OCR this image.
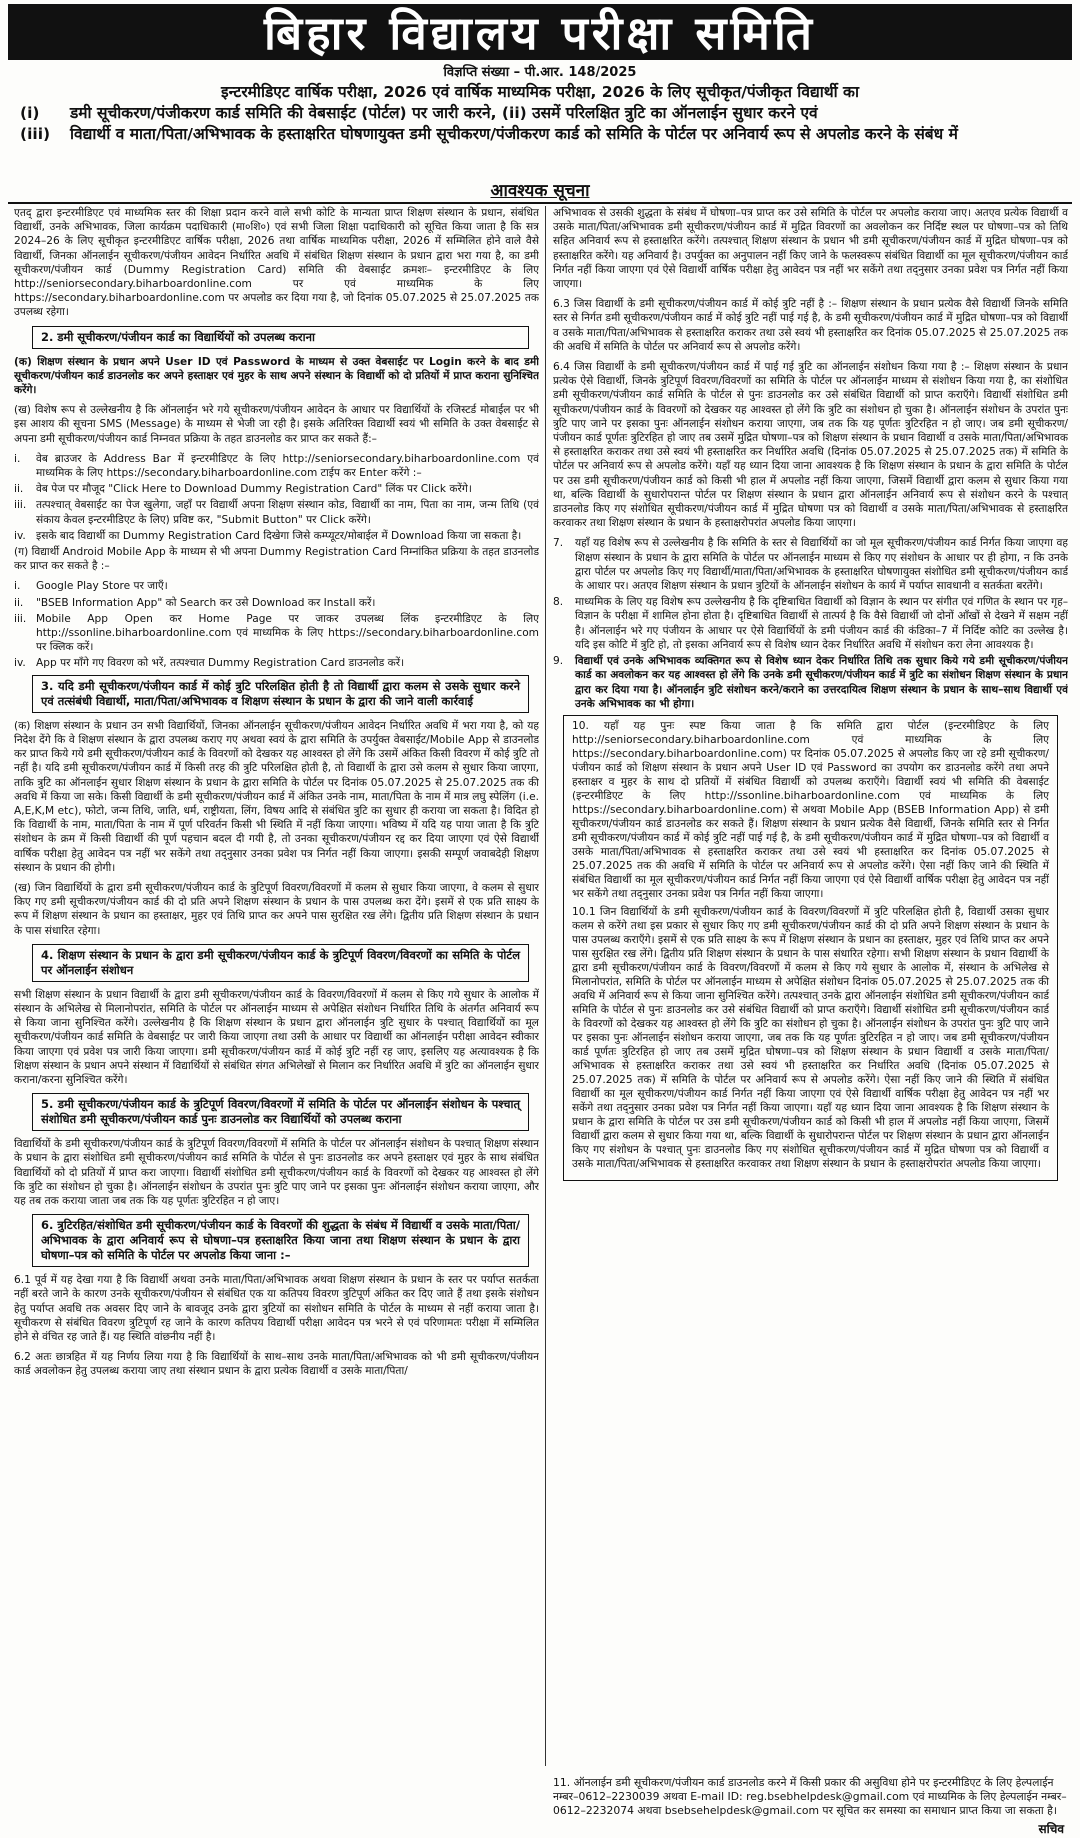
बिहार विद्यालय परीक्षा समिति
विज्ञप्ति संख्या – पी.आर. 148/2025
इन्टरमीडिएट वार्षिक परीक्षा, 2026 एवं वार्षिक माध्यमिक परीक्षा, 2026 के लिए सूचीकृत/पंजीकृत विद्यार्थी का
(i)	डमी सूचीकरण/पंजीकरण कार्ड समिति की वेबसाईट (पोर्टल) पर जारी करने, (ii) उसमें परिलक्षित त्रुटि का ऑनलाईन सुधार करने एवं
(iii)	विद्यार्थी व माता/पिता/अभिभावक के हस्ताक्षरित घोषणायुक्त डमी सूचीकरण/पंजीकरण कार्ड को समिति के पोर्टल पर अनिवार्य रूप से अपलोड करने के संबंध में
आवश्यक सूचना

एतद् द्वारा इन्टरमीडिएट एवं माध्यमिक स्तर की शिक्षा प्रदान करने वाले सभी कोटि के मान्यता प्राप्त शिक्षण संस्थान के प्रधान, संबंधित विद्यार्थी, उनके अभिभावक, जिला कार्यक्रम पदाधिकारी (मा०शि०) एवं सभी जिला शिक्षा पदाधिकारी को सूचित किया जाता है कि सत्र 2024–26 के लिए सूचीकृत इन्टरमीडिएट वार्षिक परीक्षा, 2026 तथा वार्षिक माध्यमिक परीक्षा, 2026 में सम्मिलित होने वाले वैसे विद्यार्थी, जिनका ऑनलाईन सूचीकरण/पंजीयन आवेदन निर्धारित अवधि में संबंधित शिक्षण संस्थान के प्रधान द्वारा भरा गया है, का डमी सूचीकरण/पंजीयन कार्ड (Dummy Registration Card) समिति की वेबसाईट क्रमशः– इन्टरमीडिएट के लिए http://seniorsecondary.biharboardonline.com पर एवं माध्यमिक के लिए https://secondary.biharboardonline.com पर अपलोड कर दिया गया है, जो दिनांक 05.07.2025 से 25.07.2025 तक उपलब्ध रहेगा।

2. डमी सूचीकरण/पंजीयन कार्ड का विद्यार्थियों को उपलब्ध कराना

(क) शिक्षण संस्थान के प्रधान अपने User ID एवं Password के माध्यम से उक्त वेबसाईट पर Login करने के बाद डमी सूचीकरण/पंजीयन कार्ड डाउनलोड कर अपने हस्ताक्षर एवं मुहर के साथ अपने संस्थान के विद्यार्थी को दो प्रतियों में प्राप्त कराना सुनिश्चित करेंगे।

(ख) विशेष रूप से उल्लेखनीय है कि ऑनलाईन भरे गये सूचीकरण/पंजीयन आवेदन के आधार पर विद्यार्थियों के रजिस्टर्ड मोबाईल पर भी इस आशय की सूचना SMS (Message) के माध्यम से भेजी जा रही है। इसके अतिरिक्त विद्यार्थी स्वयं भी समिति के उक्त वेबसाईट से अपना डमी सूचीकरण/पंजीयन कार्ड निम्नवत प्रक्रिया के तहत डाउनलोड कर प्राप्त कर सकते हैं:–

i.	वेब ब्राउजर के Address Bar में इन्टरमीडिएट के लिए http://seniorsecondary.biharboardonline.com एवं माध्यमिक के लिए https://secondary.biharboardonline.com टाईप कर Enter करेंगे :–
ii.	वेब पेज पर मौजूद "Click Here to Download Dummy Registration Card" लिंक पर Click करेंगे।
iii. तत्पश्चात् वेबसाईट का पेज खुलेगा, जहाँ पर विद्यार्थी अपना शिक्षण संस्थान कोड, विद्यार्थी का नाम, पिता का नाम, जन्म तिथि (एवं संकाय केवल इन्टरमीडिएट के लिए) प्रविष्ट कर, "Submit Button" पर Click करेंगे।
iv. इसके बाद विद्यार्थी का Dummy Registration Card दिखेगा जिसे कम्प्यूटर/मोबाईल में Download किया जा सकता है।

(ग) विद्यार्थी Android Mobile App के माध्यम से भी अपना Dummy Registration Card निम्नांकित प्रक्रिया के तहत डाउनलोड कर प्राप्त कर सकते है :–

i.	Google Play Store पर जाएँ।
ii.	"BSEB Information App" को Search कर उसे Download कर Install करें।
iii. Mobile App Open कर Home Page पर जाकर उपलब्ध लिंक इन्टरमीडिएट के लिए http://ssonline.biharboardonline.com एवं माध्यमिक के लिए https://secondary.biharboardonline.com पर क्लिक करें।
iv. App पर माँगे गए विवरण को भरें, तत्पश्चात Dummy Registration Card डाउनलोड करें।
3. यदि डमी सूचीकरण/पंजीयन कार्ड में कोई त्रुटि परिलक्षित होती है तो विद्यार्थी द्वारा कलम से उसके सुधार करने एवं तत्संबंधी विद्यार्थी, माता/पिता/अभिभावक व शिक्षण संस्थान के प्रधान के द्वारा की जाने वाली कार्रवाई

(क) शिक्षण संस्थान के प्रधान उन सभी विद्यार्थियों, जिनका ऑनलाईन सूचीकरण/पंजीयन आवेदन निर्धारित अवधि में भरा गया है, को यह निदेश देंगे कि वे शिक्षण संस्थान के द्वारा उपलब्ध कराए गए अथवा स्वयं के द्वारा समिति के उपर्युक्त वेबसाईट/Mobile App से डाउनलोड कर प्राप्त किये गये डमी सूचीकरण/पंजीयन कार्ड के विवरणों को देखकर यह आश्वस्त हो लेंगे कि उसमें अंकित किसी विवरण में कोई त्रुटि तो नहीं है। यदि डमी सूचीकरण/पंजीयन कार्ड में किसी तरह की त्रुटि परिलक्षित होती है, तो विद्यार्थी के द्वारा उसे कलम से सुधार किया जाएगा, ताकि त्रुटि का ऑनलाईन सुधार शिक्षण संस्थान के प्रधान के द्वारा समिति के पोर्टल पर दिनांक 05.07.2025 से 25.07.2025 तक की अवधि में किया जा सके। किसी विद्यार्थी के डमी सूचीकरण/पंजीयन कार्ड में अंकित उनके नाम, माता/पिता के नाम में मात्र लघु स्पेलिंग (i.e. A,E,K,M etc), फोटो, जन्म तिथि, जाति, धर्म, राष्ट्रीयता, लिंग, विषय आदि से संबंधित त्रुटि का सुधार ही कराया जा सकता है। विदित हो कि विद्यार्थी के नाम, माता/पिता के नाम में पूर्ण परिवर्तन किसी भी स्थिति में नहीं किया जाएगा। भविष्य में यदि यह पाया जाता है कि त्रुटि संशोधन के क्रम में किसी विद्यार्थी की पूर्ण पहचान बदल दी गयी है, तो उनका सूचीकरण/पंजीयन रद्द कर दिया जाएगा एवं ऐसे विद्यार्थी वार्षिक परीक्षा हेतु आवेदन पत्र नहीं भर सकेंगे तथा तद्नुसार उनका प्रवेश पत्र निर्गत नहीं किया जाएगा। इसकी सम्पूर्ण जवाबदेही शिक्षण संस्थान के प्रधान की होगी।

(ख) जिन विद्यार्थियों के द्वारा डमी सूचीकरण/पंजीयन कार्ड के त्रुटिपूर्ण विवरण/विवरणों में कलम से सुधार किया जाएगा, वे कलम से सुधार किए गए डमी सूचीकरण/पंजीयन कार्ड की दो प्रति अपने शिक्षण संस्थान के प्रधान के पास उपलब्ध करा देंगे। इसमें से एक प्रति साक्ष्य के रूप में शिक्षण संस्थान के प्रधान का हस्ताक्षर, मुहर एवं तिथि प्राप्त कर अपने पास सुरक्षित रख लेंगे। द्वितीय प्रति शिक्षण संस्थान के प्रधान के पास संधारित रहेगा।

4. शिक्षण संस्थान के प्रधान के द्वारा डमी सूचीकरण/पंजीयन कार्ड के त्रुटिपूर्ण विवरण/विवरणों का समिति के पोर्टल पर ऑनलाईन संशोधन

सभी शिक्षण संस्थान के प्रधान विद्यार्थी के द्वारा डमी सूचीकरण/पंजीयन कार्ड के विवरण/विवरणों में कलम से किए गये सुधार के आलोक में संस्थान के अभिलेख से मिलानोपरांत, समिति के पोर्टल पर ऑनलाईन माध्यम से अपेक्षित संशोधन निर्धारित तिथि के अंतर्गत अनिवार्य रूप से किया जाना सुनिश्चित करेंगे। उल्लेखनीय है कि शिक्षण संस्थान के प्रधान द्वारा ऑनलाईन त्रुटि सुधार के पश्चात् विद्यार्थियों का मूल सूचीकरण/पंजीयन कार्ड समिति के वेबसाईट पर जारी किया जाएगा तथा उसी के आधार पर विद्यार्थी का ऑनलाईन परीक्षा आवेदन स्वीकार किया जाएगा एवं प्रवेश पत्र जारी किया जाएगा। डमी सूचीकरण/पंजीयन कार्ड में कोई त्रुटि नहीं रह जाए, इसलिए यह अत्यावश्यक है कि शिक्षण संस्थान के प्रधान अपने संस्थान में विद्यार्थियों से संबंधित संगत अभिलेखों से मिलान कर निर्धारित अवधि में त्रुटि का ऑनलाईन सुधार कराना/करना सुनिश्चित करेंगे।

5. डमी सूचीकरण/पंजीयन कार्ड के त्रुटिपूर्ण विवरण/विवरणों में समिति के पोर्टल पर ऑनलाईन संशोधन के पश्चात् संशोधित डमी सूचीकरण/पंजीयन कार्ड पुनः डाउनलोड कर विद्यार्थियों को उपलब्ध कराना

विद्यार्थियों के डमी सूचीकरण/पंजीयन कार्ड के त्रुटिपूर्ण विवरण/विवरणों में समिति के पोर्टल पर ऑनलाईन संशोधन के पश्चात् शिक्षण संस्थान के प्रधान के द्वारा संशोधित डमी सूचीकरण/पंजीयन कार्ड समिति के पोर्टल से पुनः डाउनलोड कर अपने हस्ताक्षर एवं मुहर के साथ संबंधित विद्यार्थियों को दो प्रतियों में प्राप्त करा जाएगा। विद्यार्थी संशोधित डमी सूचीकरण/पंजीयन कार्ड के विवरणों को देखकर यह आश्वस्त हो लेंगे कि त्रुटि का संशोधन हो चुका है। ऑनलाईन संशोधन के उपरांत पुनः त्रुटि पाए जाने पर इसका पुनः ऑनलाईन संशोधन कराया जाएगा, और यह तब तक कराया जाता जब तक कि यह पूर्णतः त्रुटिरहित न हो जाए।

6. त्रुटिरहित/संशोधित डमी सूचीकरण/पंजीयन कार्ड के विवरणों की शुद्धता के संबंध में विद्यार्थी व उसके माता/पिता/अभिभावक के द्वारा अनिवार्य रूप से घोषणा–पत्र हस्ताक्षरित किया जाना तथा शिक्षण संस्थान के प्रधान के द्वारा घोषणा–पत्र को समिति के पोर्टल पर अपलोड किया जाना :–

6.1 पूर्व में यह देखा गया है कि विद्यार्थी अथवा उनके माता/पिता/अभिभावक अथवा शिक्षण संस्थान के प्रधान के स्तर पर पर्याप्त सतर्कता नहीं बरते जाने के कारण उनके सूचीकरण/पंजीयन से संबंधित एक या कतिपय विवरण त्रुटिपूर्ण अंकित कर दिए जाते हैं तथा इसके संशोधन हेतु पर्याप्त अवधि तक अवसर दिए जाने के बावजूद उनके द्वारा त्रुटियों का संशोधन समिति के पोर्टल के माध्यम से नहीं कराया जाता है। सूचीकरण से संबंधित विवरण त्रुटिपूर्ण रह जाने के कारण कतिपय विद्यार्थी परीक्षा आवेदन पत्र भरने से एवं परिणामतः परीक्षा में सम्मिलित होने से वंचित रह जाते हैं। यह स्थिति वांछनीय नहीं है।

6.2 अतः छात्रहित में यह निर्णय लिया गया है कि विद्यार्थियों के साथ–साथ उनके माता/पिता/अभिभावक को भी डमी सूचीकरण/पंजीयन कार्ड अवलोकन हेतु उपलब्ध कराया जाए तथा संस्थान प्रधान के द्वारा प्रत्येक विद्यार्थी व उसके माता/पिता/

अभिभावक से उसकी शुद्धता के संबंध में घोषणा–पत्र प्राप्त कर उसे समिति के पोर्टल पर अपलोड कराया जाए। अतएव प्रत्येक विद्यार्थी व उसके माता/पिता/अभिभावक डमी सूचीकरण/पंजीयन कार्ड में मुद्रित विवरणों का अवलोकन कर निर्दिष्ट स्थल पर घोषणा–पत्र को तिथि सहित अनिवार्य रूप से हस्ताक्षरित करेंगे। तत्पश्चात् शिक्षण संस्थान के प्रधान भी डमी सूचीकरण/पंजीयन कार्ड में मुद्रित घोषणा–पत्र को हस्ताक्षरित करेंगे। यह अनिवार्य है। उपर्युक्त का अनुपालन नहीं किए जाने के फलस्वरूप संबंधित विद्यार्थी का मूल सूचीकरण/पंजीयन कार्ड निर्गत नहीं किया जाएगा एवं ऐसे विद्यार्थी वार्षिक परीक्षा हेतु आवेदन पत्र नहीं भर सकेंगे तथा तद्नुसार उनका प्रवेश पत्र निर्गत नहीं किया जाएगा।

6.3 जिस विद्यार्थी के डमी सूचीकरण/पंजीयन कार्ड में कोई त्रुटि नहीं है :– शिक्षण संस्थान के प्रधान प्रत्येक वैसे विद्यार्थी जिनके समिति स्तर से निर्गत डमी सूचीकरण/पंजीयन कार्ड में कोई त्रुटि नहीं पाई गई है, के डमी सूचीकरण/पंजीयन कार्ड में मुद्रित घोषणा–पत्र को विद्यार्थी व उसके माता/पिता/अभिभावक से हस्ताक्षरित कराकर तथा उसे स्वयं भी हस्ताक्षरित कर दिनांक 05.07.2025 से 25.07.2025 तक की अवधि में समिति के पोर्टल पर अनिवार्य रूप से अपलोड करेंगे।

6.4 जिस विद्यार्थी के डमी सूचीकरण/पंजीयन कार्ड में पाई गई त्रुटि का ऑनलाईन संशोधन किया गया है :– शिक्षण संस्थान के प्रधान प्रत्येक ऐसे विद्यार्थी, जिनके त्रुटिपूर्ण विवरण/विवरणों का समिति के पोर्टल पर ऑनलाईन माध्यम से संशोधन किया गया है, का संशोधित डमी सूचीकरण/पंजीयन कार्ड समिति के पोर्टल से पुनः डाउनलोड कर उसे संबंधित विद्यार्थी को प्राप्त कराएँगे। विद्यार्थी संशोधित डमी सूचीकरण/पंजीयन कार्ड के विवरणों को देखकर यह आश्वस्त हो लेंगे कि त्रुटि का संशोधन हो चुका है। ऑनलाईन संशोधन के उपरांत पुनः त्रुटि पाए जाने पर इसका पुनः ऑनलाईन संशोधन कराया जाएगा, जब तक कि यह पूर्णतः त्रुटिरहित न हो जाए। जब डमी सूचीकरण/पंजीयन कार्ड पूर्णतः त्रुटिरहित हो जाए तब उसमें मुद्रित घोषणा–पत्र को शिक्षण संस्थान के प्रधान विद्यार्थी व उसके माता/पिता/अभिभावक से हस्ताक्षरित कराकर तथा उसे स्वयं भी हस्ताक्षरित कर निर्धारित अवधि (दिनांक 05.07.2025 से 25.07.2025 तक) में समिति के पोर्टल पर अनिवार्य रूप से अपलोड करेंगे। यहाँ यह ध्यान दिया जाना आवश्यक है कि शिक्षण संस्थान के प्रधान के द्वारा समिति के पोर्टल पर उस डमी सूचीकरण/पंजीयन कार्ड को किसी भी हाल में अपलोड नहीं किया जाएगा, जिसमें विद्यार्थी द्वारा कलम से सुधार किया गया था, बल्कि विद्यार्थी के सुधारोपरान्त पोर्टल पर शिक्षण संस्थान के प्रधान द्वारा ऑनलाईन अनिवार्य रूप से संशोधन करने के पश्चात् डाउनलोड किए गए संशोधित सूचीकरण/पंजीयन कार्ड में मुद्रित घोषणा पत्र को विद्यार्थी व उसके माता/पिता/अभिभावक से हस्ताक्षरित करवाकर तथा शिक्षण संस्थान के प्रधान के हस्ताक्षरोपरांत अपलोड किया जाएगा।

7.	यहाँ यह विशेष रूप से उल्लेखनीय है कि समिति के स्तर से विद्यार्थियों का जो मूल सूचीकरण/पंजीयन कार्ड निर्गत किया जाएगा वह शिक्षण संस्थान के प्रधान के द्वारा समिति के पोर्टल पर ऑनलाईन माध्यम से किए गए संशोधन के आधार पर ही होगा, न कि उनके द्वारा पोर्टल पर अपलोड किए गए विद्यार्थी/माता/पिता/अभिभावक के हस्ताक्षरित घोषणायुक्त संशोधित डमी सूचीकरण/पंजीयन कार्ड के आधार पर। अतएव शिक्षण संस्थान के प्रधान त्रुटियों के ऑनलाईन संशोधन के कार्य में पर्याप्त सावधानी व सतर्कता बरतेंगे।
8.	माध्यमिक के लिए यह विशेष रूप उल्लेखनीय है कि दृष्टिबाधित विद्यार्थी को विज्ञान के स्थान पर संगीत एवं गणित के स्थान पर गृह–विज्ञान के परीक्षा में शामिल होना होता है। दृष्टिबाधित विद्यार्थी से तात्पर्य है कि वैसे विद्यार्थी जो दोनों आँखों से देखने में सक्षम नहीं है। ऑनलाईन भरे गए पंजीयन के आधार पर ऐसे विद्यार्थियों के डमी पंजीयन कार्ड की कंडिका–7 में निर्दिष्ट कोटि का उल्लेख है। यदि इस कोटि में त्रुटि हो, तो इसका अनिवार्य रूप से विशेष ध्यान देकर निर्धारित अवधि में संशोधन करा लेना आवश्यक है।
9.	विद्यार्थी एवं उनके अभिभावक व्यक्तिगत रूप से विशेष ध्यान देकर निर्धारित तिथि तक सुधार किये गये डमी सूचीकरण/पंजीयन कार्ड का अवलोकन कर यह आश्वस्त हो लेंगे कि उनके डमी सूचीकरण/पंजीयन कार्ड में त्रुटि का संशोधन शिक्षण संस्थान के प्रधान द्वारा कर दिया गया है। ऑनलाईन त्रुटि संशोधन करने/कराने का उत्तरदायित्व शिक्षण संस्थान के प्रधान के साथ–साथ विद्यार्थी एवं उनके अभिभावक का भी होगा।
10. यहाँ यह पुनः स्पष्ट किया जाता है कि समिति द्वारा पोर्टल (इन्टरमीडिएट के लिए http://seniorsecondary.biharboardonline.com एवं माध्यमिक के लिए https://secondary.biharboardonline.com) पर दिनांक 05.07.2025 से अपलोड किए जा रहे डमी सूचीकरण/पंजीयन कार्ड को शिक्षण संस्थान के प्रधान अपने User ID एवं Password का उपयोग कर डाउनलोड करेंगे तथा अपने हस्ताक्षर व मुहर के साथ दो प्रतियों में संबंधित विद्यार्थी को उपलब्ध कराएँगे। विद्यार्थी स्वयं भी समिति की वेबसाईट (इन्टरमीडिएट के लिए http://ssonline.biharboardonline.com एवं माध्यमिक के लिए https://secondary.biharboardonline.com) से अथवा Mobile App (BSEB Information App) से डमी सूचीकरण/पंजीयन कार्ड डाउनलोड कर सकते हैं। शिक्षण संस्थान के प्रधान प्रत्येक वैसे विद्यार्थी, जिनके समिति स्तर से निर्गत डमी सूचीकरण/पंजीयन कार्ड में कोई त्रुटि नहीं पाई गई है, के डमी सूचीकरण/पंजीयन कार्ड में मुद्रित घोषणा–पत्र को विद्यार्थी व उसके माता/पिता/अभिभावक से हस्ताक्षरित कराकर तथा उसे स्वयं भी हस्ताक्षरित कर दिनांक 05.07.2025 से 25.07.2025 तक की अवधि में समिति के पोर्टल पर अनिवार्य रूप से अपलोड करेंगे। ऐसा नहीं किए जाने की स्थिति में संबंधित विद्यार्थी का मूल सूचीकरण/पंजीयन कार्ड निर्गत नहीं किया जाएगा एवं ऐसे विद्यार्थी वार्षिक परीक्षा हेतु आवेदन पत्र नहीं भर सकेंगे तथा तद्नुसार उनका प्रवेश पत्र निर्गत नहीं किया जाएगा।

10.1 जिन विद्यार्थियों के डमी सूचीकरण/पंजीयन कार्ड के विवरण/विवरणों में त्रुटि परिलक्षित होती है, विद्यार्थी उसका सुधार कलम से करेंगे तथा इस प्रकार से सुधार किए गए डमी सूचीकरण/पंजीयन कार्ड की दो प्रति अपने शिक्षण संस्थान के प्रधान के पास उपलब्ध कराएँगे। इसमें से एक प्रति साक्ष्य के रूप में शिक्षण संस्थान के प्रधान का हस्ताक्षर, मुहर एवं तिथि प्राप्त कर अपने पास सुरक्षित रख लेंगे। द्वितीय प्रति शिक्षण संस्थान के प्रधान के पास संधारित रहेगा। सभी शिक्षण संस्थान के प्रधान विद्यार्थी के द्वारा डमी सूचीकरण/पंजीयन कार्ड के विवरण/विवरणों में कलम से किए गये सुधार के आलोक में, संस्थान के अभिलेख से मिलानोपरांत, समिति के पोर्टल पर ऑनलाईन माध्यम से अपेक्षित संशोधन दिनांक 05.07.2025 से 25.07.2025 तक की अवधि में अनिवार्य रूप से किया जाना सुनिश्चित करेंगे। तत्पश्चात् उनके द्वारा ऑनलाईन संशोधित डमी सूचीकरण/पंजीयन कार्ड समिति के पोर्टल से पुनः डाउनलोड कर उसे संबंधित विद्यार्थी को प्राप्त कराएँगे। विद्यार्थी संशोधित डमी सूचीकरण/पंजीयन कार्ड के विवरणों को देखकर यह आश्वस्त हो लेंगे कि त्रुटि का संशोधन हो चुका है। ऑनलाईन संशोधन के उपरांत पुनः त्रुटि पाए जाने पर इसका पुनः ऑनलाईन संशोधन कराया जाएगा, जब तक कि यह पूर्णतः त्रुटिरहित न हो जाए। जब डमी सूचीकरण/पंजीयन कार्ड पूर्णतः त्रुटिरहित हो जाए तब उसमें मुद्रित घोषणा–पत्र को शिक्षण संस्थान के प्रधान विद्यार्थी व उसके माता/पिता/अभिभावक से हस्ताक्षरित कराकर तथा उसे स्वयं भी हस्ताक्षरित कर निर्धारित अवधि (दिनांक 05.07.2025 से 25.07.2025 तक) में समिति के पोर्टल पर अनिवार्य रूप से अपलोड करेंगे। ऐसा नहीं किए जाने की स्थिति में संबंधित विद्यार्थी का मूल सूचीकरण/पंजीयन कार्ड निर्गत नहीं किया जाएगा एवं ऐसे विद्यार्थी वार्षिक परीक्षा हेतु आवेदन पत्र नहीं भर सकेंगे तथा तद्नुसार उनका प्रवेश पत्र निर्गत नहीं किया जाएगा। यहाँ यह ध्यान दिया जाना आवश्यक है कि शिक्षण संस्थान के प्रधान के द्वारा समिति के पोर्टल पर उस डमी सूचीकरण/पंजीयन कार्ड को किसी भी हाल में अपलोड नहीं किया जाएगा, जिसमें विद्यार्थी द्वारा कलम से सुधार किया गया था, बल्कि विद्यार्थी के सुधारोपरान्त पोर्टल पर शिक्षण संस्थान के प्रधान द्वारा ऑनलाईन किए गए संशोधन के पश्चात् पुनः डाउनलोड किए गए संशोधित सूचीकरण/पंजीयन कार्ड में मुद्रित घोषणा पत्र को विद्यार्थी व उसके माता/पिता/अभिभावक से हस्ताक्षरित करवाकर तथा शिक्षण संस्थान के प्रधान के हस्ताक्षरोपरांत अपलोड किया जाएगा।

11. ऑनलाईन डमी सूचीकरण/पंजीयन कार्ड डाउनलोड करने में किसी प्रकार की असुविधा होने पर इन्टरमीडिएट के लिए हेल्पलाईन नम्बर–0612–2230039 अथवा E-mail ID: reg.bsebhelpdesk@gmail.com एवं माध्यमिक के लिए हेल्पलाईन नम्बर–0612–2232074 अथवा bsebsehelpdesk@gmail.com पर सूचित कर समस्या का समाधान प्राप्त किया जा सकता है।
सचिव
